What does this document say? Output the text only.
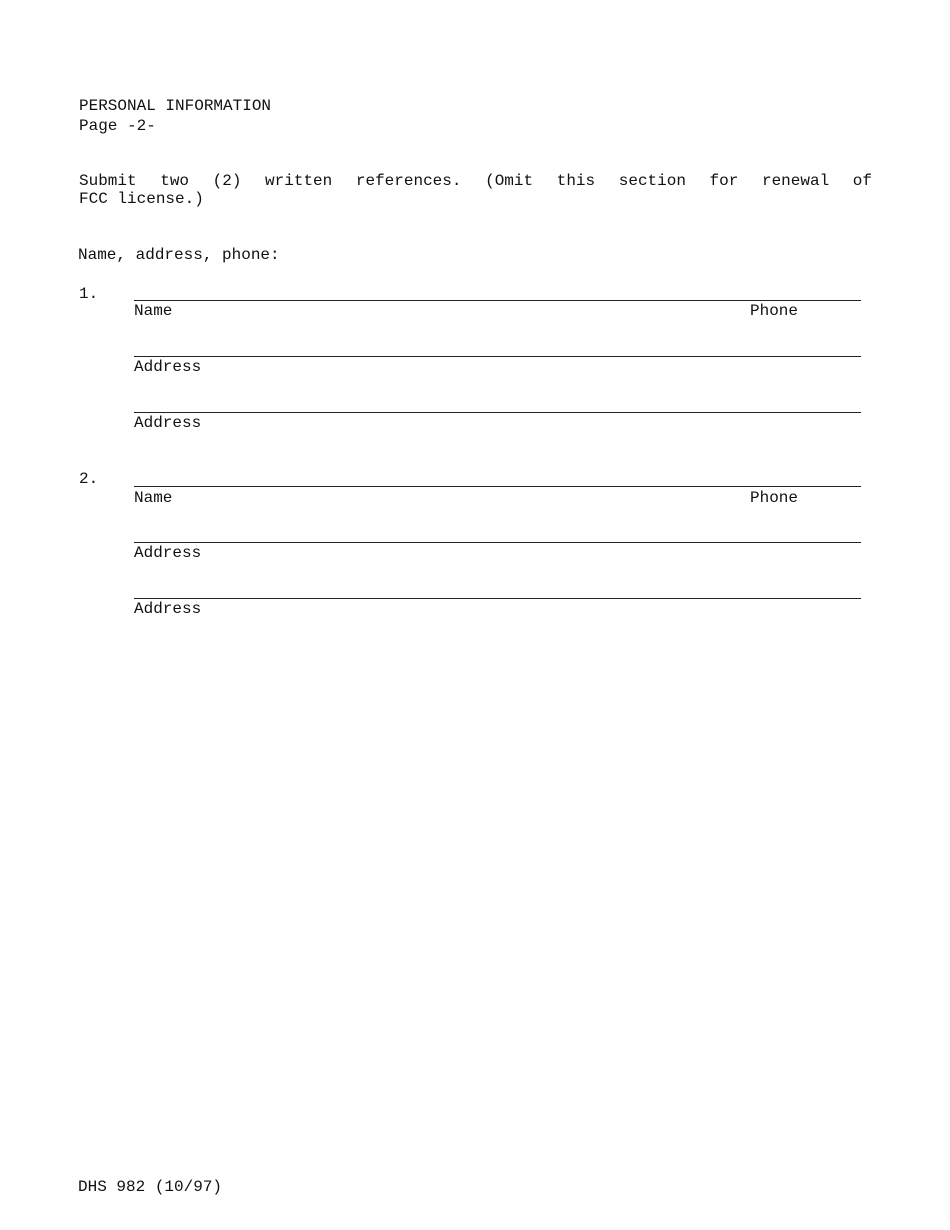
PERSONAL INFORMATION
Page -2-
Submit two (2) written references. (Omit this section for renewal of
FCC license.)
Name, address, phone:
1.
Name	Phone
Address
Address
2.
Name	Phone
Address
Address
DHS 982 (10/97)
